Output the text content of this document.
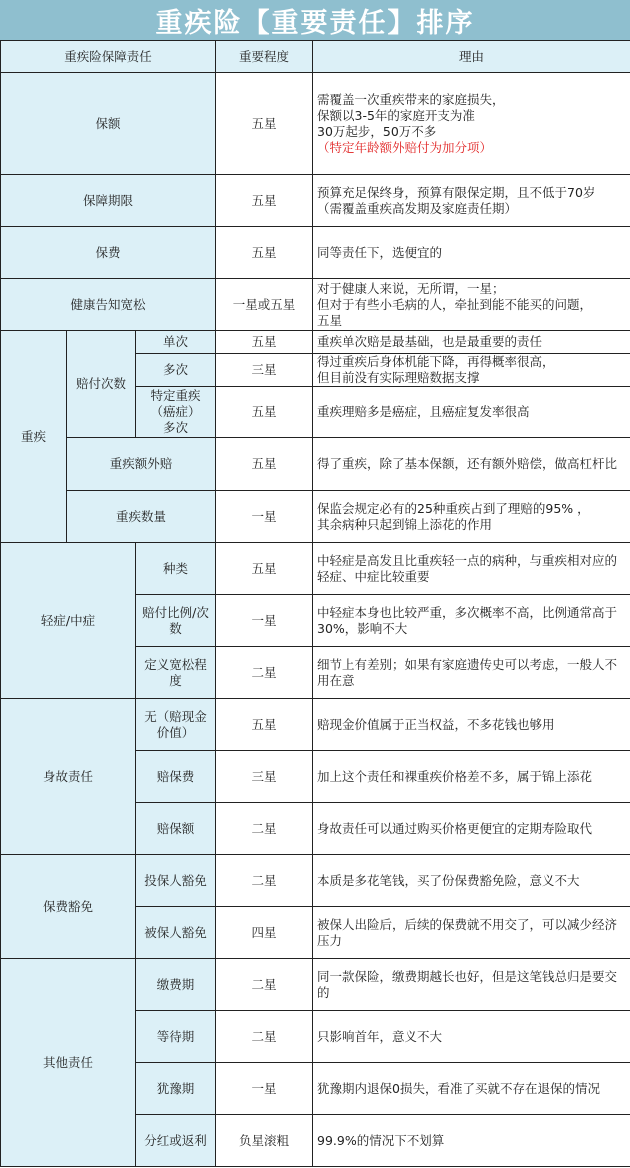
重疾险【重要责任】排序
重疾险保障责任			重要程度	理由
保额			五星	需覆盖一次重疾带来的家庭损失，
保额以3-5年的家庭开支为准
30万起步，50万不多
（特定年龄额外赔付为加分项）

保障期限			五星	预算充足保终身，预算有限保定期，且不低于70岁
（需覆盖重疾高发期及家庭责任期）

保费			五星	同等责任下，选便宜的
健康告知宽松			一星或五星	对于健康人来说，无所谓，一星；
但对于有些小毛病的人，牵扯到能不能买的问题，
五星

重疾	赔付次数	单次	五星	重疾单次赔是最基础，也是最重要的责任
		多次	三星	得过重疾后身体机能下降，再得概率很高，
但目前没有实际理赔数据支撑

		特定重疾
（癌症）
多次	五星	重疾理赔多是癌症，且癌症复发率很高
	重疾额外赔		五星	得了重疾，除了基本保额，还有额外赔偿，做高杠杆比
	重疾数量		一星	保监会规定必有的25种重疾占到了理赔的95% ，
其余病种只起到锦上添花的作用

轻症/中症		种类	五星	中轻症是高发且比重疾轻一点的病种，与重疾相对应的轻症、中症比较重要
		赔付比例/次数	一星	中轻症本身也比较严重，多次概率不高，比例通常高于30%，影响不大
		定义宽松程度	二星	细节上有差别；如果有家庭遗传史可以考虑，一般人不用在意
身故责任		无（赔现金价值）	五星	赔现金价值属于正当权益，不多花钱也够用
		赔保费	三星	加上这个责任和裸重疾价格差不多，属于锦上添花
		赔保额	二星	身故责任可以通过购买价格更便宜的定期寿险取代
保费豁免		投保人豁免	二星	本质是多花笔钱，买了份保费豁免险，意义不大
		被保人豁免	四星	被保人出险后，后续的保费就不用交了，可以减少经济压力
其他责任		缴费期	二星	同一款保险，缴费期越长也好，但是这笔钱总归是要交的
		等待期	二星	只影响首年，意义不大
		犹豫期	一星	犹豫期内退保0损失，看准了买就不存在退保的情况
		分红或返利	负星滚粗	99.9%的情况下不划算
